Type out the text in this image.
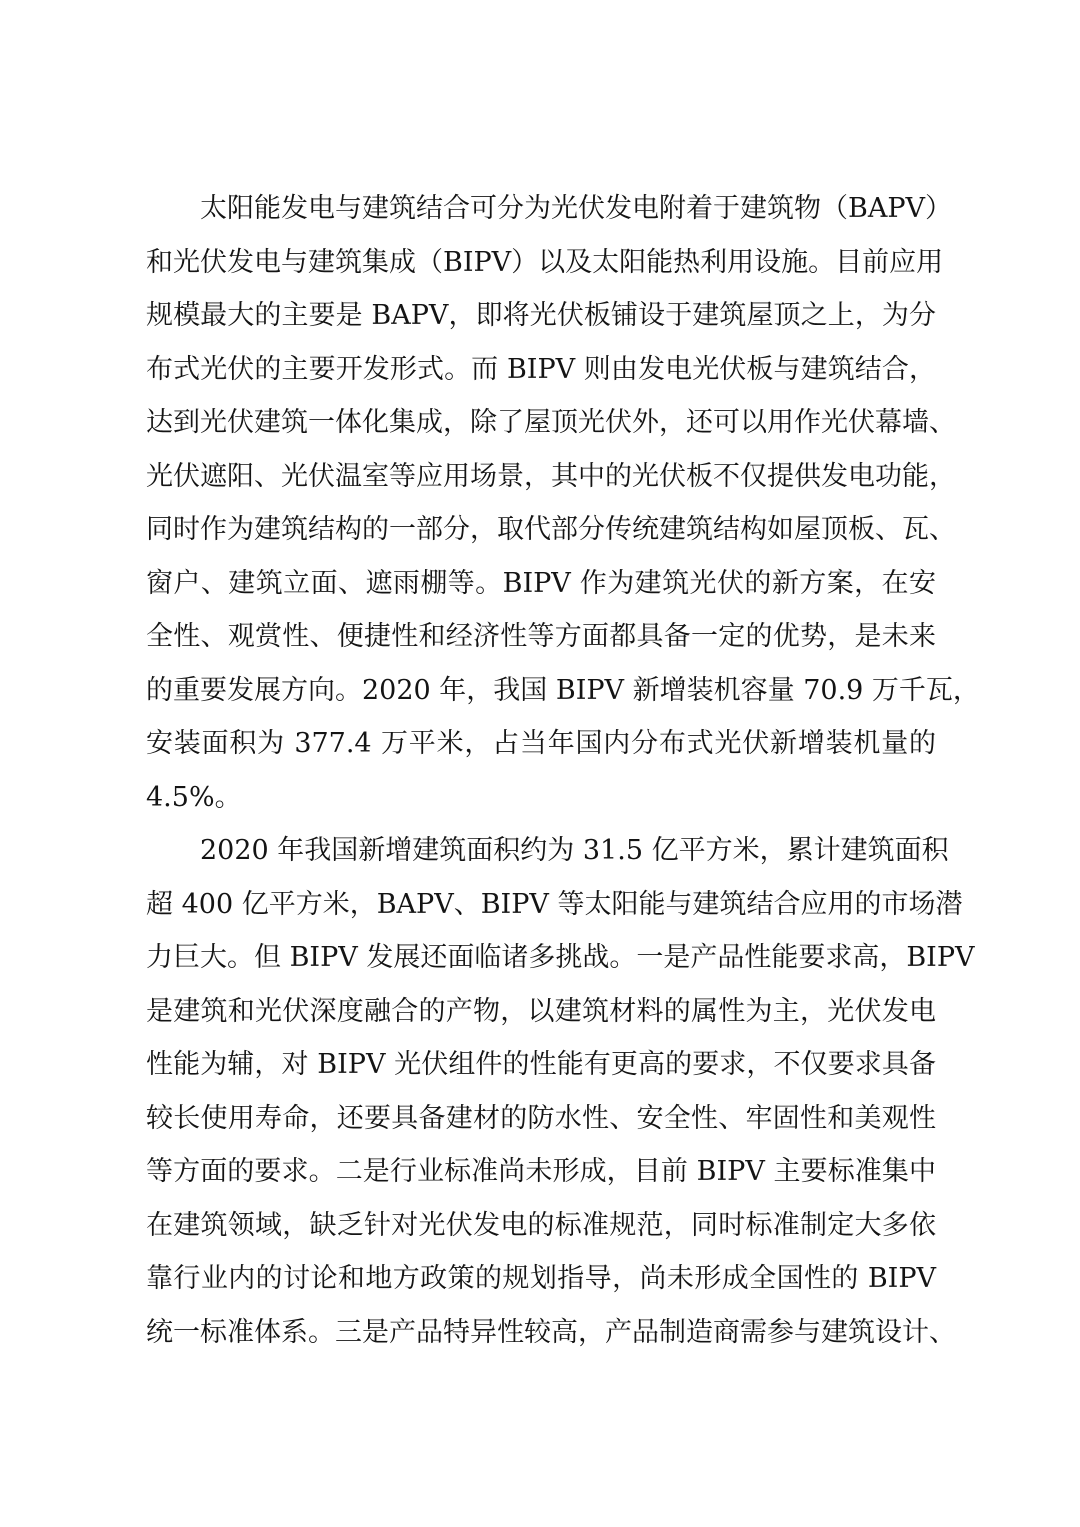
太阳能发电与建筑结合可分为光伏发电附着于建筑物（BAPV）
和光伏发电与建筑集成（BIPV）以及太阳能热利用设施。目前应用
规模最大的主要是 BAPV，即将光伏板铺设于建筑屋顶之上，为分
布式光伏的主要开发形式。而 BIPV 则由发电光伏板与建筑结合，
达到光伏建筑一体化集成，除了屋顶光伏外，还可以用作光伏幕墙、
光伏遮阳、光伏温室等应用场景，其中的光伏板不仅提供发电功能，
同时作为建筑结构的一部分，取代部分传统建筑结构如屋顶板、瓦、
窗户、建筑立面、遮雨棚等。BIPV 作为建筑光伏的新方案，在安
全性、观赏性、便捷性和经济性等方面都具备一定的优势，是未来
的重要发展方向。2020 年，我国 BIPV 新增装机容量 70.9 万千瓦，
安装面积为 377.4 万平米，占当年国内分布式光伏新增装机量的
4.5%。
2020 年我国新增建筑面积约为 31.5 亿平方米，累计建筑面积
超 400 亿平方米，BAPV、BIPV 等太阳能与建筑结合应用的市场潜
力巨大。但 BIPV 发展还面临诸多挑战。一是产品性能要求高，BIPV
是建筑和光伏深度融合的产物，以建筑材料的属性为主，光伏发电
性能为辅，对 BIPV 光伏组件的性能有更高的要求，不仅要求具备
较长使用寿命，还要具备建材的防水性、安全性、牢固性和美观性
等方面的要求。二是行业标准尚未形成，目前 BIPV 主要标准集中
在建筑领域，缺乏针对光伏发电的标准规范，同时标准制定大多依
靠行业内的讨论和地方政策的规划指导，尚未形成全国性的 BIPV
统一标准体系。三是产品特异性较高，产品制造商需参与建筑设计、
